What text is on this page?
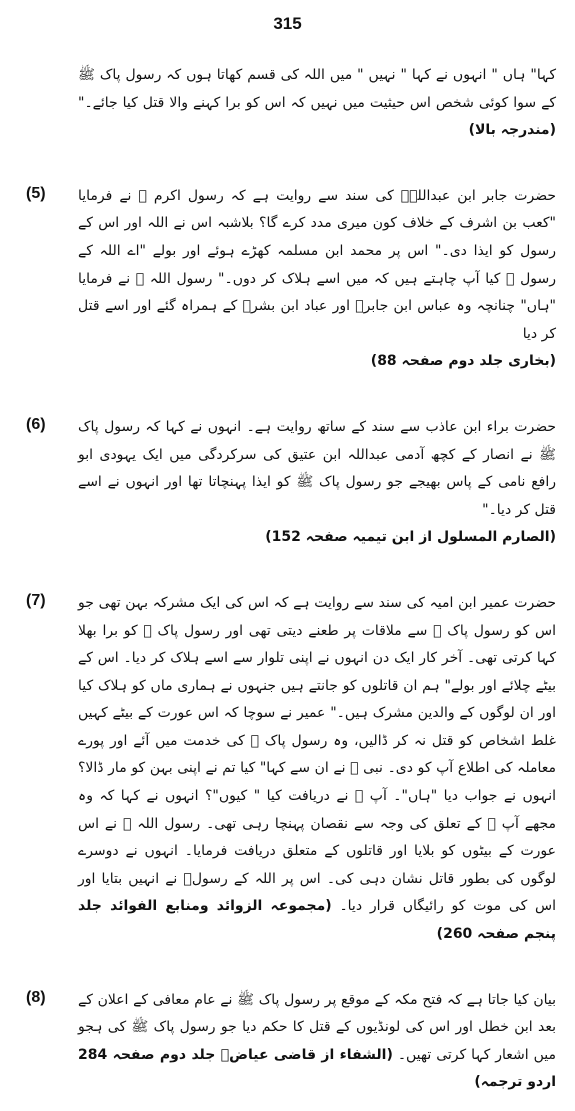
315

کہا" ہاں " انہوں نے کہا " نہیں " میں اللہ کی قسم کھاتا ہوں کہ رسول پاک ﷺ کے سوا کوئی شخص اس حیثیت میں نہیں کہ اس کو برا کہنے والا قتل کیا جائے۔" (مندرجہ بالا)

(5) حضرت جابر ابن عبداللہؓ کی سند سے روایت ہے کہ رسول اکرم ﷺ نے فرمایا "کعب بن اشرف کے خلاف کون میری مدد کرے گا؟ بلاشبہ اس نے اللہ اور اس کے رسول کو ایذا دی۔" اس پر محمد ابن مسلمہ کھڑے ہوئے اور بولے "اے اللہ کے رسول ﷺ کیا آپ چاہتے ہیں کہ میں اسے ہلاک کر دوں۔" رسول اللہ ﷺ نے فرمایا "ہاں" چنانچہ وہ عباس ابن جابرؓ اور عباد ابن بشرؓ کے ہمراہ گئے اور اسے قتل کر دیا
(بخاری جلد دوم صفحہ 88)

(6) حضرت براء ابن عاذب سے سند کے ساتھ روایت ہے۔ انہوں نے کہا کہ رسول پاک ﷺ نے انصار کے کچھ آدمی عبداللہ ابن عتیق کی سرکردگی میں ایک یہودی ابو رافع نامی کے پاس بھیجے جو رسول پاک ﷺ کو ایذا پہنچاتا تھا اور انہوں نے اسے قتل کر دیا۔"
(الصارم المسلول از ابن تیمیہ صفحہ 152)

(7) حضرت عمیر ابن امیہ کی سند سے روایت ہے کہ اس کی ایک مشرکہ بہن تھی جو اس کو رسول پاک ﷺ سے ملاقات پر طعنے دیتی تھی اور رسول پاک ﷺ کو برا بھلا کہا کرتی تھی۔ آخر کار ایک دن انہوں نے اپنی تلوار سے اسے ہلاک کر دیا۔ اس کے بیٹے چلائے اور بولے" ہم ان قاتلوں کو جانتے ہیں جنہوں نے ہماری ماں کو ہلاک کیا اور ان لوگوں کے والدین مشرک ہیں۔" عمیر نے سوچا کہ اس عورت کے بیٹے کہیں غلط اشخاص کو قتل نہ کر ڈالیں، وہ رسول پاک ﷺ کی خدمت میں آئے اور پورے معاملہ کی اطلاع آپ کو دی۔ نبی ﷺ نے ان سے کہا" کیا تم نے اپنی بہن کو مار ڈالا؟ انہوں نے جواب دیا "ہاں"۔ آپ ﷺ نے دریافت کیا " کیوں"؟ انہوں نے کہا کہ وہ مجھے آپ ﷺ کے تعلق کی وجہ سے نقصان پہنچا رہی تھی۔ رسول اللہ ﷺ نے اس عورت کے بیٹوں کو بلایا اور قاتلوں کے متعلق دریافت فرمایا۔ انہوں نے دوسرے لوگوں کی بطور قاتل نشان دہی کی۔ اس پر اللہ کے رسولؐ نے انہیں بتایا اور اس کی موت کو رائیگاں قرار دیا۔ (مجموعہ الزوائد ومنابع الفوائد جلد پنجم صفحہ 260)

(8) بیان کیا جاتا ہے کہ فتح مکہ کے موقع پر رسول پاک ﷺ نے عام معافی کے اعلان کے بعد ابن خطل اور اس کی لونڈیوں کے قتل کا حکم دیا جو رسول پاک ﷺ کی ہجو میں اشعار کہا کرتی تھیں۔ (الشفاء از قاضی عیاضؒ جلد دوم صفحہ 284 اردو ترجمہ)
